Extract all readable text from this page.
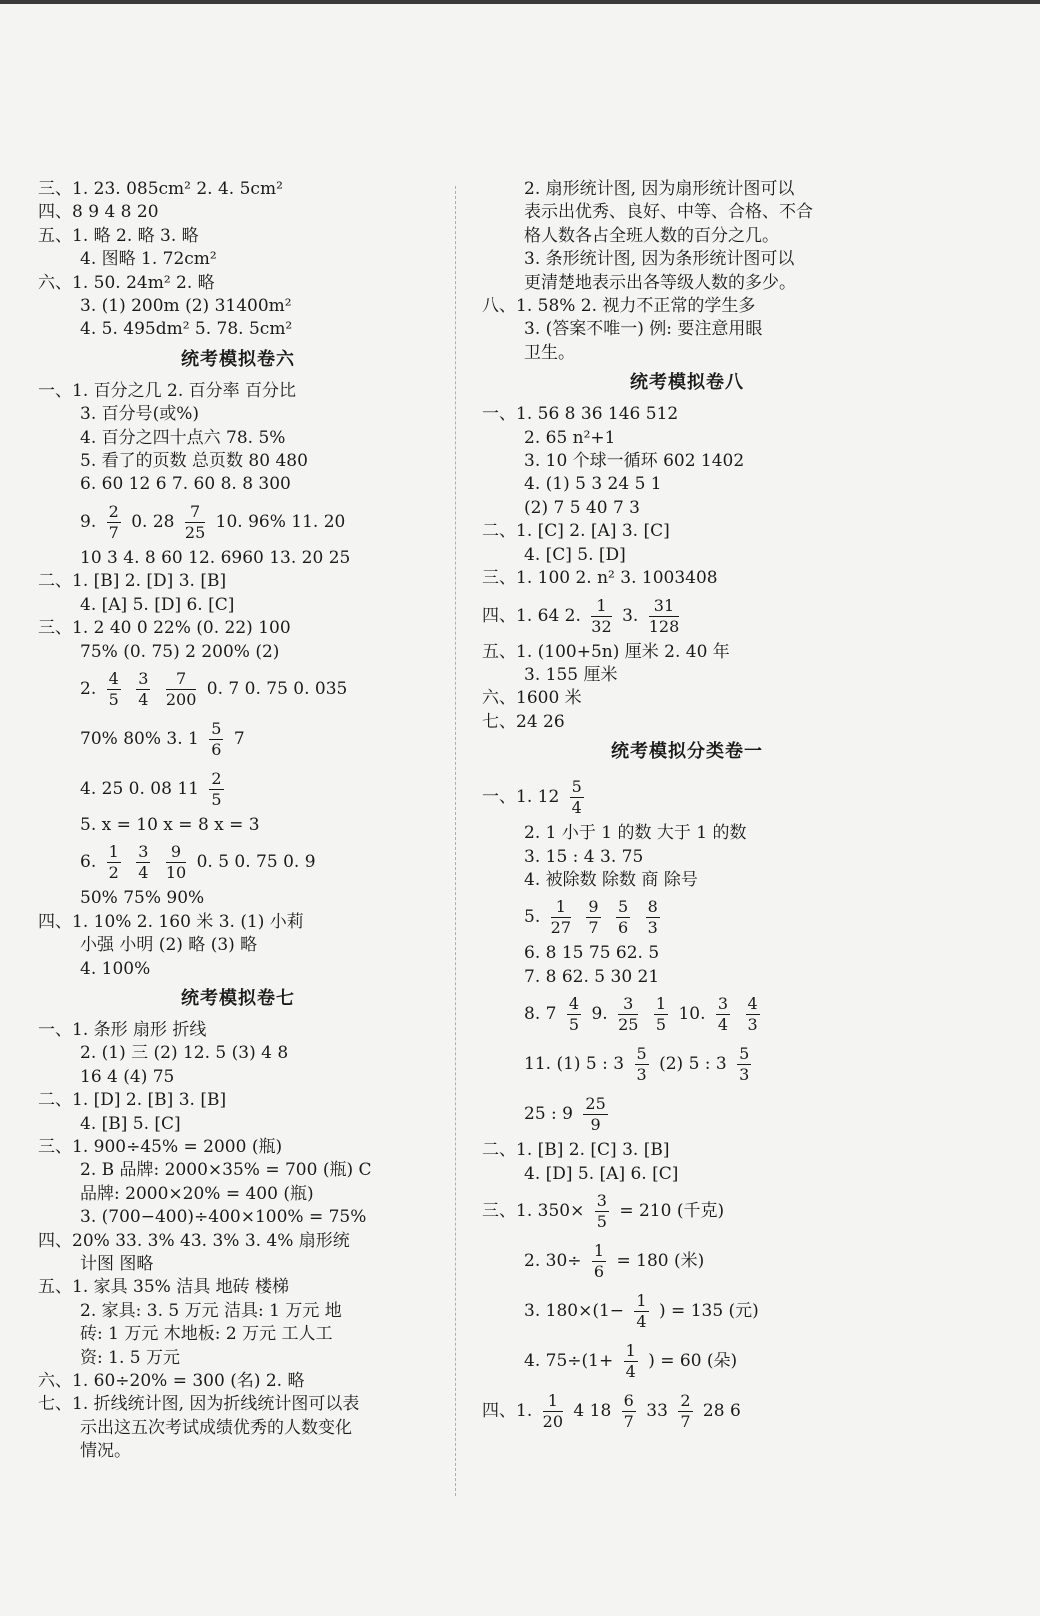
三、1. 23. 085cm² 2. 4. 5cm²
四、8 9 4 8 20
五、1. 略 2. 略 3. 略
4. 图略 1. 72cm²
六、1. 50. 24m² 2. 略
3. (1) 200m (2) 31400m²
4. 5. 495dm² 5. 78. 5cm²
统考模拟卷六
一、1. 百分之几 2. 百分率 百分比
3. 百分号(或%)
4. 百分之四十点六 78. 5%
5. 看了的页数 总页数 80 480
6. 60 12 6 7. 60 8. 8 300
9. $\frac{2}{7} 0$. $28 \frac{7}{25} 10$. 96% 11. 20
10 3 4. 8 60 12. 6960 13. 20 25
二、1. [B] 2. [D] 3. [B]
4. [A] 5. [D] 6. [C]
三、1. 2 40 0 22% (0. 22) 100
75% (0. 75) 2 200% (2)
2. $\frac{4}{5}$
$\frac{3}{4}$
$\frac{7}{200} 0$. 7 0. 75 0. 035
70% 80% 3. $1 \frac{5}{6} 7$
4. 25 0. 08 $11 \frac{2}{5}$
5. x = 10 x = 8 x = 3
6. $\frac{1}{2}$
$\frac{3}{4}$
$\frac{9}{10} 0$. 5 0. 75 0. 9
50% 75% 90%
四、1. 10% 2. 160 米 3. (1) 小莉
小强 小明 (2) 略 (3) 略
4. 100%
统考模拟卷七
一、1. 条形 扇形 折线
2. (1) 三 (2) 12. 5 (3) 4 8
16 4 (4) 75
二、1. [D] 2. [B] 3. [B]
4. [B] 5. [C]
三、1. 900÷45% = 2000 (瓶)
2. B 品牌: 2000×35% = 700 (瓶) C
品牌: 2000×20% = 400 (瓶)
3. (700−400)÷400×100% = 75%
四、20% 33. 3% 43. 3% 3. 4% 扇形统
计图 图略
五、1. 家具 35% 洁具 地砖 楼梯
2. 家具: 3. 5 万元 洁具: 1 万元 地
砖: 1 万元 木地板: 2 万元 工人工
资: 1. 5 万元
六、1. 60÷20% = 300 (名) 2. 略
七、1. 折线统计图, 因为折线统计图可以表
示出这五次考试成绩优秀的人数变化
情况。
2. 扇形统计图, 因为扇形统计图可以
表示出优秀、良好、中等、合格、不合
格人数各占全班人数的百分之几。
3. 条形统计图, 因为条形统计图可以
更清楚地表示出各等级人数的多少。
八、1. 58% 2. 视力不正常的学生多
3. (答案不唯一) 例: 要注意用眼
卫生。
统考模拟卷八
一、1. 56 8 36 146 512
2. 65 n²+1
3. 10 个球一循环 602 1402
4. (1) 5 3 24 5 1
(2) 7 5 40 7 3
二、1. [C] 2. [A] 3. [C]
4. [C] 5. [D]
三、1. 100 2. n² 3. 1003408
四、1. 64 2. $\frac{1}{32} 3$. $\frac{31}{128}$
五、1. (100+5n) 厘米 2. 40 年
3. 155 厘米
六、1600 米
七、24 26
统考模拟分类卷一
一、1. $12 \frac{5}{4}$
2. 1 小于 1 的数 大于 1 的数
3. 15 : 4 3. 75
4. 被除数 除数 商 除号
5. $\frac{1}{27}$
$\frac{9}{7}$
$\frac{5}{6}$
$\frac{8}{3}$
6. 8 15 75 62. 5
7. 8 62. 5 30 21
8. $7 \frac{4}{5} 9$. $\frac{3}{25}$
$\frac{1}{5} 10$. $\frac{3}{4}$
$\frac{4}{3}$
11. (1) 5 : $3 \frac{5}{3} (2)$ 5 : $3 \frac{5}{3}$
25 : $9 \frac{25}{9}$
二、1. [B] 2. [C] 3. [B]
4. [D] 5. [A] 6. [C]
三、1. $350\times \frac{3}{5} = 210$ (千克)
2. $30\div \frac{1}{6} = 180$ (米)
3. $180\times(1- \frac{1}{4}$ ) = 135 (元)
4. $75\div(1+ \frac{1}{4}$ ) = 60 (朵)
四、1. $\frac{1}{20} 4$ $18 \frac{6}{7} 33 \frac{2}{7} 28$ 6
